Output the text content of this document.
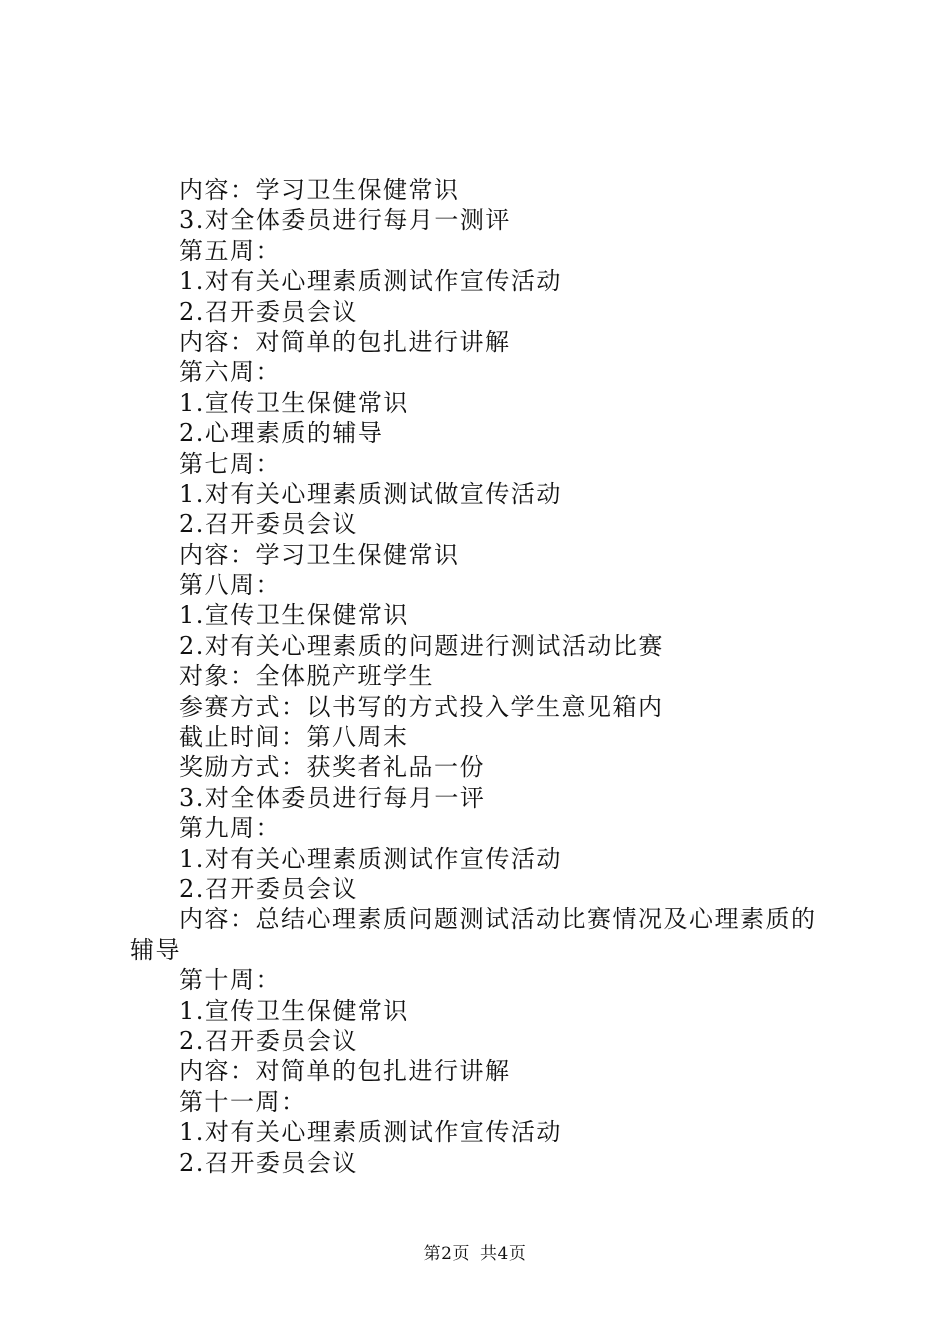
内容：学习卫生保健常识
3.对全体委员进行每月一测评
第五周：
1.对有关心理素质测试作宣传活动
2.召开委员会议
内容：对简单的包扎进行讲解
第六周：
1.宣传卫生保健常识
2.心理素质的辅导
第七周：
1.对有关心理素质测试做宣传活动
2.召开委员会议
内容：学习卫生保健常识
第八周：
1.宣传卫生保健常识
2.对有关心理素质的问题进行测试活动比赛
对象：全体脱产班学生
参赛方式：以书写的方式投入学生意见箱内
截止时间：第八周末
奖励方式：获奖者礼品一份
3.对全体委员进行每月一评
第九周：
1.对有关心理素质测试作宣传活动
2.召开委员会议
内容：总结心理素质问题测试活动比赛情况及心理素质的辅导
第十周：
1.宣传卫生保健常识
2.召开委员会议
内容：对简单的包扎进行讲解
第十一周：
1.对有关心理素质测试作宣传活动
2.召开委员会议
第2页 共4页
